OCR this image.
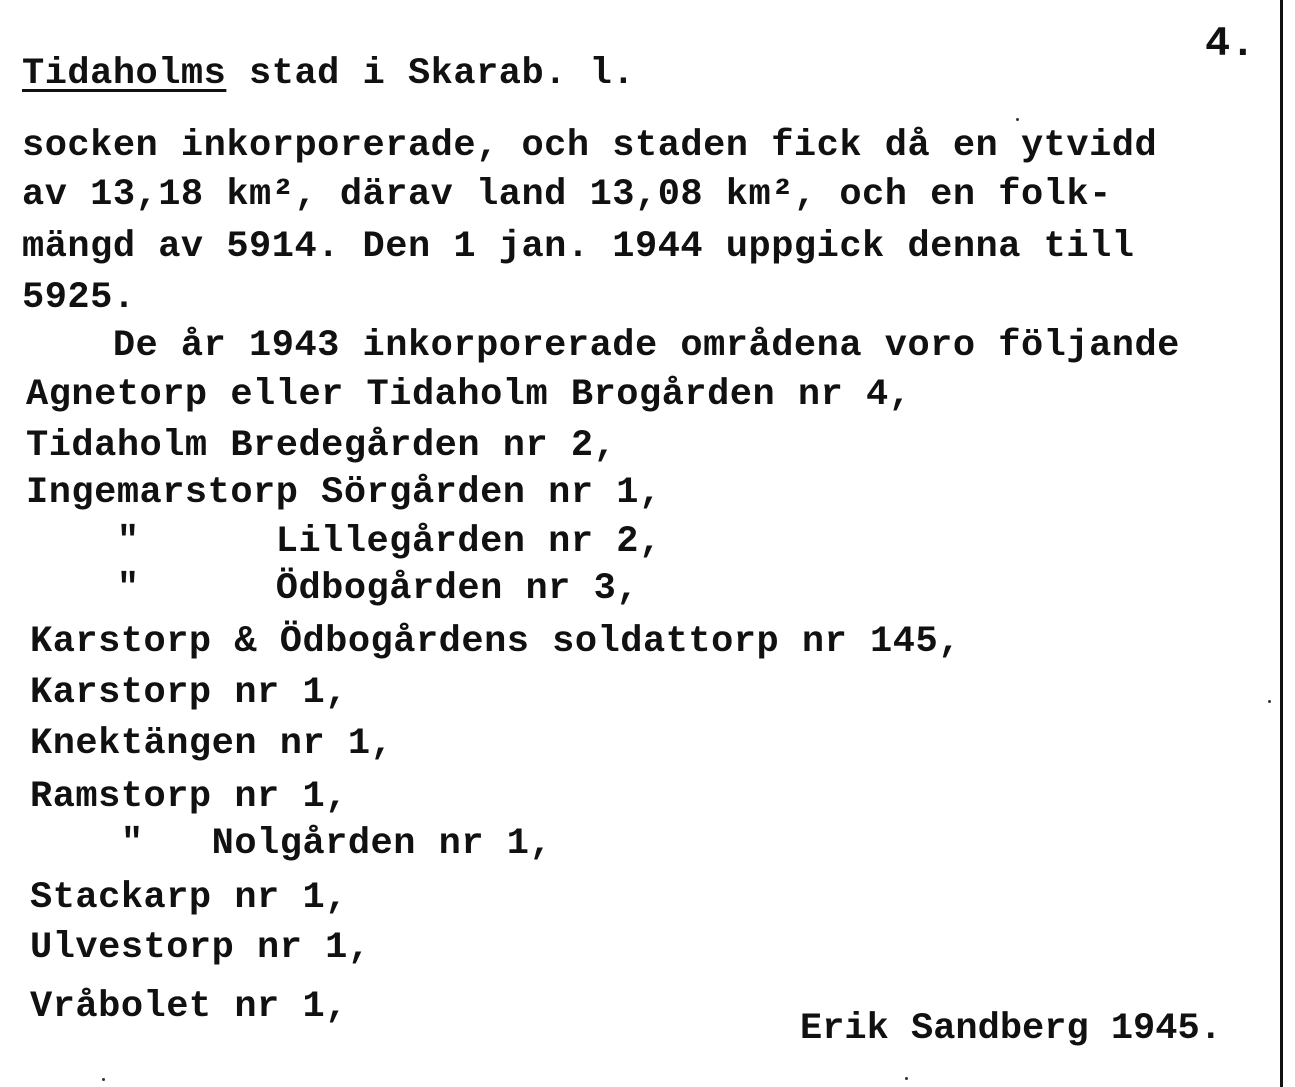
4.
Tidaholms stad i Skarab. l.
socken inkorporerade, och staden fick då en ytvidd
av 13,18 km², därav land 13,08 km², och en folk-
mängd av 5914. Den 1 jan. 1944 uppgick denna till
5925.
De år 1943 inkorporerade områdena voro följande
Agnetorp eller Tidaholm Brogården nr 4,
Tidaholm Bredegården nr 2,
Ingemarstorp Sörgården nr 1,
"      Lillegården nr 2,
"      Ödbogården nr 3,
Karstorp & Ödbogårdens soldattorp nr 145,
Karstorp nr 1,
Knektängen nr 1,
Ramstorp nr 1,
"   Nolgården nr 1,
Stackarp nr 1,
Ulvestorp nr 1,
Vråbolet nr 1,
Erik Sandberg 1945.
